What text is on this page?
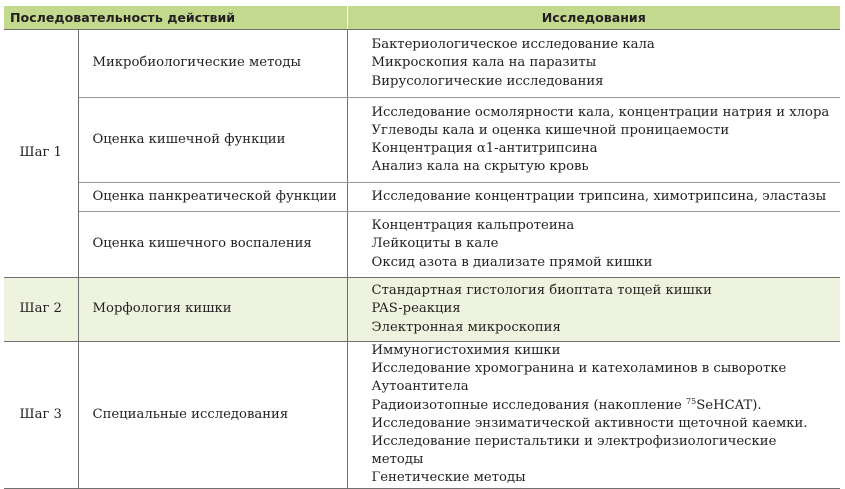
Последовательность действий		Исследования
Шаг 1	Микробиологические методы	Бактериологическое исследование кала
Микроскопия кала на паразиты
Вирусологические исследования

	Оценка кишечной функции	Исследование осмолярности кала, концентрации натрия и хлора
Углеводы кала и оценка кишечной проницаемости
Концентрация α1-антитрипсина
Анализ кала на скрытую кровь

	Оценка панкреатической функции	Исследование концентрации трипсина, химотрипсина, эластазы

	Оценка кишечного воспаления	Концентрация кальпротеина
Лейкоциты в кале
Оксид азота в диализате прямой кишки

Шаг 2	Морфология кишки	Стандартная гистология биоптата тощей кишки
PAS-реакция
Электронная микроскопия

Шаг 3	Специальные исследования	Иммуногистохимия кишки
Исследование хромогранина и катехоламинов в сыворотке
Аутоантитела
Радиоизотопные исследования (накопление $^{75}$SeHCAT). Исследование энзиматической активности щеточной каемки. Исследование перистальтики и электрофизиологические методы
Генетические методы
